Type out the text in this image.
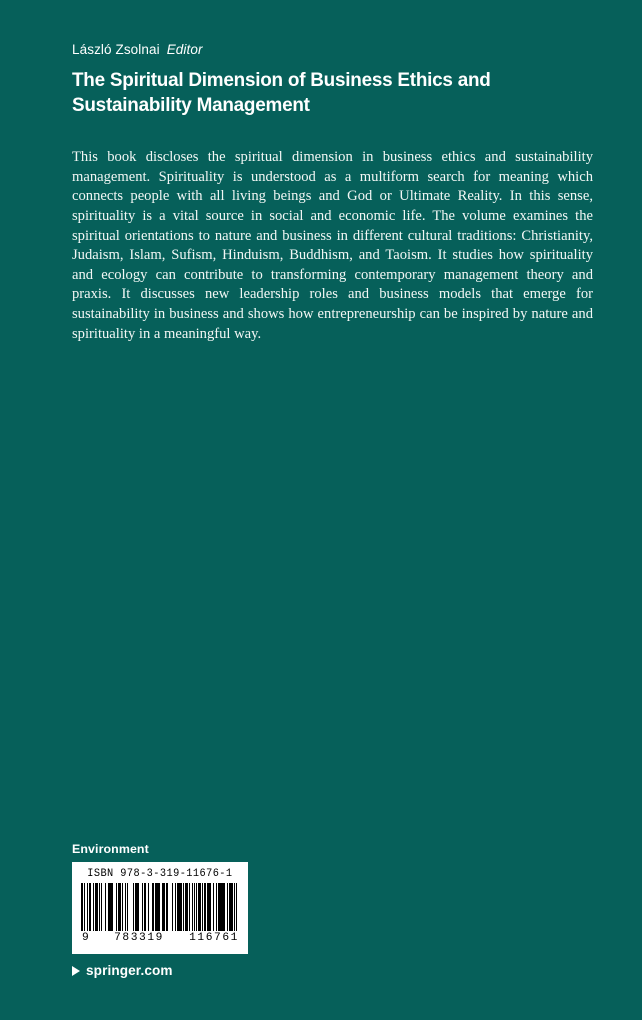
László Zsolnai Editor
The Spiritual Dimension of Business Ethics and Sustainability Management
This book discloses the spiritual dimension in business ethics and sustainability management. Spirituality is understood as a multiform search for meaning which connects people with all living beings and God or Ultimate Reality. In this sense, spirituality is a vital source in social and economic life. The volume examines the spiritual orientations to nature and business in different cultural traditions: Christianity, Judaism, Islam, Sufism, Hinduism, Buddhism, and Taoism. It studies how spirituality and ecology can contribute to transforming contemporary management theory and praxis. It discusses new leadership roles and business models that emerge for sustainability in business and shows how entrepreneurship can be inspired by nature and spirituality in a meaningful way.
Environment
ISBN 978-3-319-11676-1
9 783319 116761
springer.com
